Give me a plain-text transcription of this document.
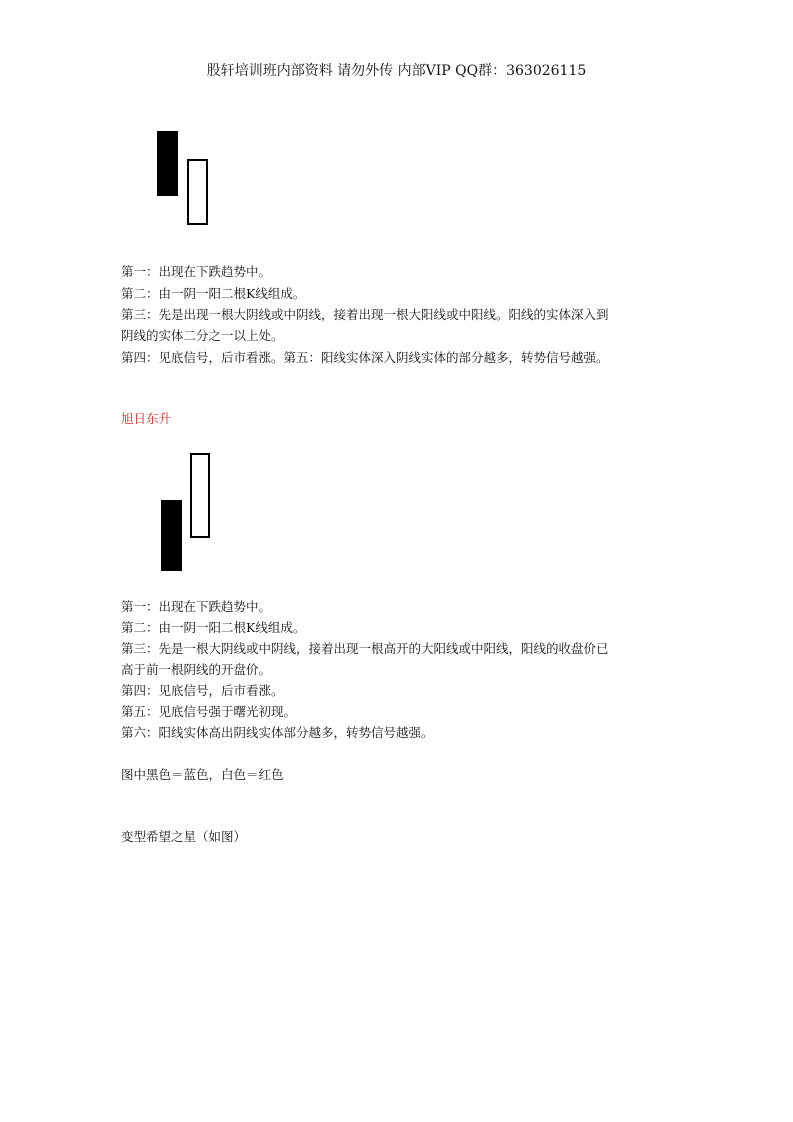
股轩培训班内部资料 请勿外传 内部VIP QQ群：363026115
第一：出现在下跌趋势中。
第二：由一阴一阳二根K线组成。
第三：先是出现一根大阴线或中阴线，接着出现一根大阳线或中阳线。阳线的实体深入到
阴线的实体二分之一以上处。
第四：见底信号，后市看涨。第五：阳线实体深入阴线实体的部分越多，转势信号越强。
旭日东升
第一：出现在下跌趋势中。
第二：由一阴一阳二根K线组成。
第三：先是一根大阴线或中阴线，接着出现一根高开的大阳线或中阳线，阳线的收盘价已
高于前一根阴线的开盘价。
第四：见底信号，后市看涨。
第五：见底信号强于曙光初现。
第六：阳线实体高出阴线实体部分越多，转势信号越强。
图中黑色＝蓝色，白色＝红色
变型希望之星（如图）
